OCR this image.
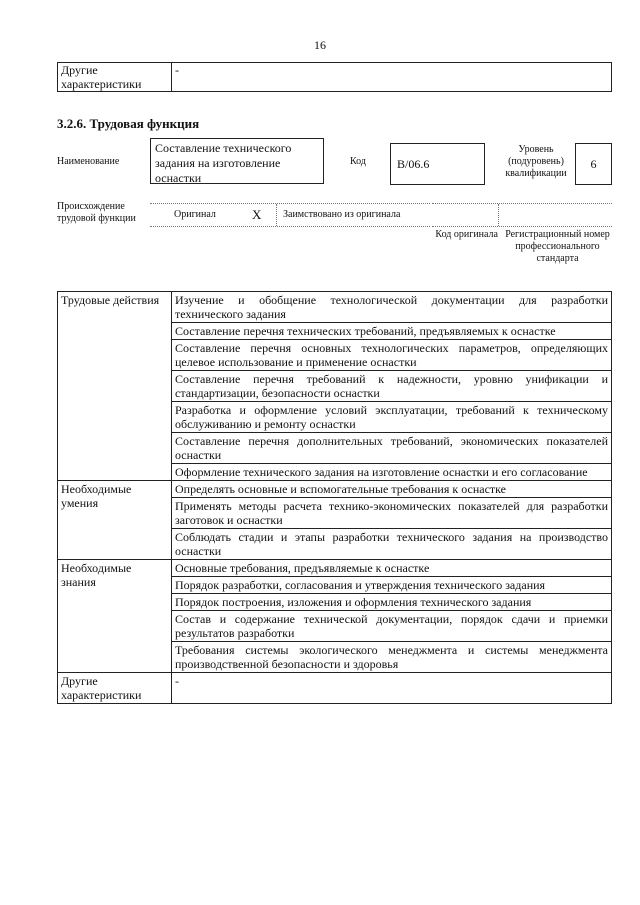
16
Другие характеристики	-
3.2.6. Трудовая функция
Наименование
Составление технического задания на изготовление оснастки
Код	B/06.6
Уровень (подуровень) квалификации
6
Происхождение трудовой функции	Оригинал	X Заимствовано из оригинала
Код оригинала Регистрационный номер профессионального стандарта
Трудовые действия	Изучение и обобщение технологической документации для разработки технического задания
	Составление перечня технических требований, предъявляемых к оснастке
	Составление перечня основных технологических параметров, определяющих целевое использование и применение оснастки
	Составление перечня требований к надежности, уровню унификации и стандартизации, безопасности оснастки
	Разработка и оформление условий эксплуатации, требований к техническому обслуживанию и ремонту оснастки
	Составление перечня дополнительных требований, экономических показателей оснастки
	Оформление технического задания на изготовление оснастки и его согласование
Необходимые умения	Определять основные и вспомогательные требования к оснастке
	Применять методы расчета технико-экономических показателей для разработки заготовок и оснастки
	Соблюдать стадии и этапы разработки технического задания на производство оснастки
Необходимые знания	Основные требования, предъявляемые к оснастке
	Порядок разработки, согласования и утверждения технического задания
	Порядок построения, изложения и оформления технического задания
	Состав и содержание технической документации, порядок сдачи и приемки результатов разработки
	Требования системы экологического менеджмента и системы менеджмента производственной безопасности и здоровья
Другие характеристики	-
